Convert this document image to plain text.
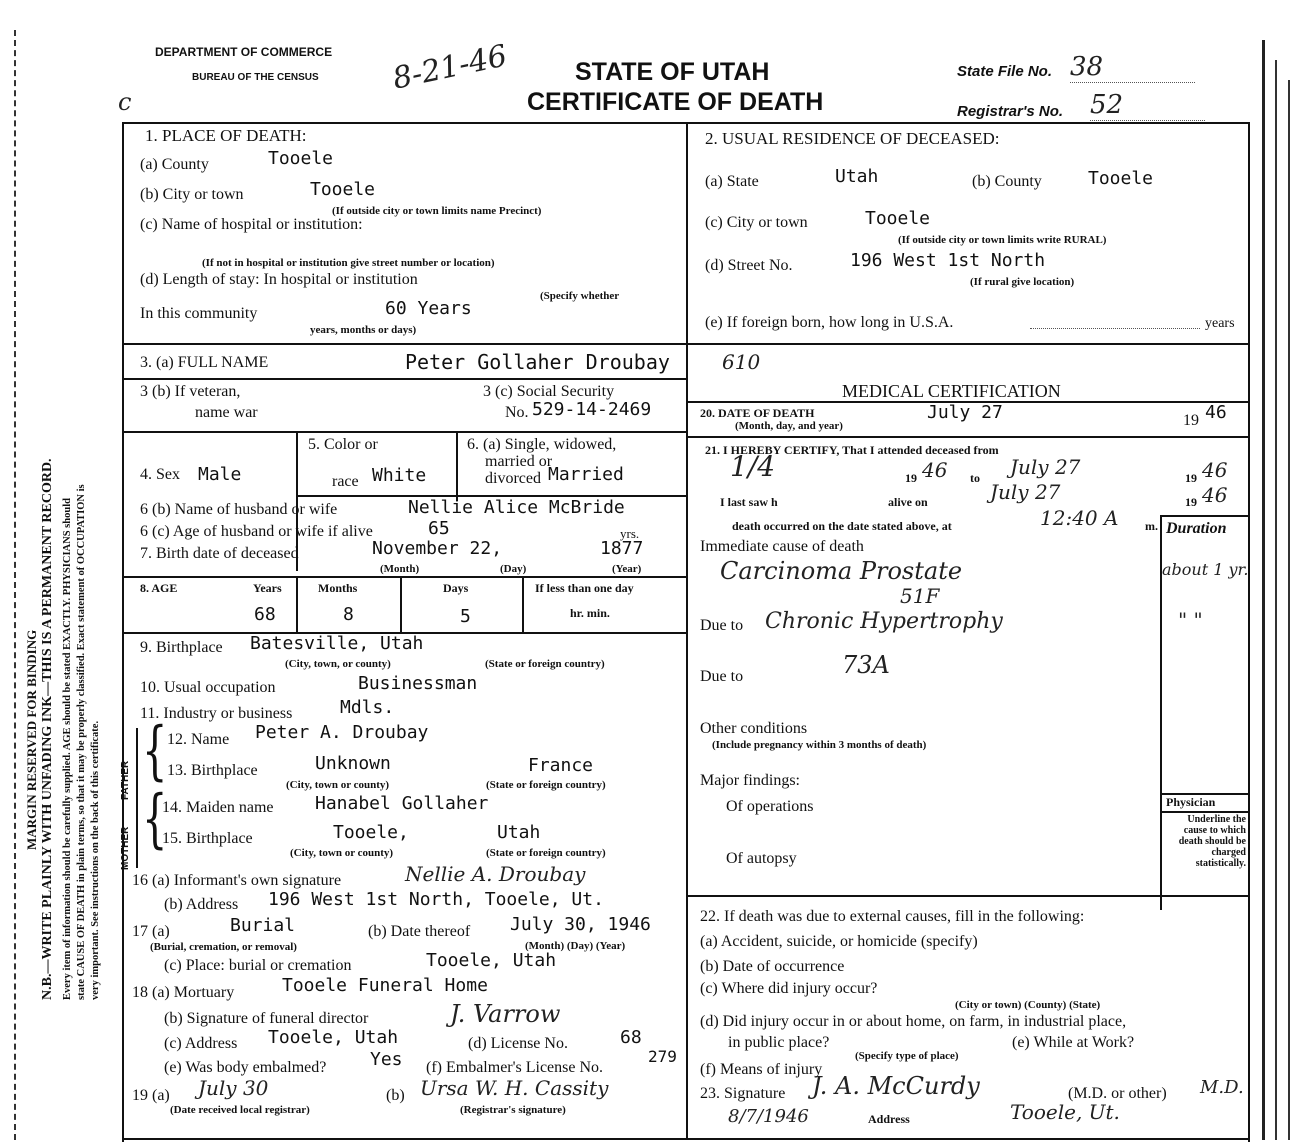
N.B.—WRITE PLAINLY WITH UNFADING INK—THIS IS A PERMANENT RECORD.
MARGIN RESERVED FOR BINDING Every item of information should be carefully supplied. AGE should be stated EXACTLY. PHYSICIANS should state CAUSE OF DEATH in plain terms, so that it may be properly classified. Exact statement of OCCUPATION is very important. See instructions on the back of this certificate.
DEPARTMENT OF COMMERCE
BUREAU OF THE CENSUS 8-21-46
c
STATE OF UTAH
CERTIFICATE OF DEATH
State File No. 38
Registrar's No. 52
1. PLACE OF DEATH:
(a) County	Tooele
(b) City or town	Tooele
(If outside city or town limits name Precinct)
(c) Name of hospital or institution:
(If not in hospital or institution give street number or location)
(d) Length of stay: In hospital or institution
(Specify whether
In this community	60 Years
years, months or days)
2. USUAL RESIDENCE OF DECEASED:
(a) State	Utah	(b) County	Tooele
(c) City or town	Tooele
(If outside city or town limits write RURAL)
(d) Street No.	196 West 1st North
(If rural give location)
(e) If foreign born, how long in U.S.A.	years
3. (a) FULL NAME	Peter Gollaher Droubay	610
3 (b) If veteran,
name war
3 (c) Social Security
No. 529-14-2469
4. Sex Male
5. Color or
race White
6. (a) Single, widowed,
married or
divorced Married
6 (b) Name of husband or wife	Nellie Alice McBride
6 (c) Age of husband or wife if alive	65	yrs.
7. Birth date of deceased	November 22,	1877
(Month)	(Day)	(Year)
8. AGE	Years	Months	Days	If less than one day
hr. min.
68	8	5
9. Birthplace Batesville, Utah
(City, town, or county)	(State or foreign country)
10. Usual occupation	Businessman
11. Industry or business	Mdls.
FATHER
MOTHER
{
{
12. Name Peter A. Droubay
13. Birthplace	Unknown	France
(City, town or county)	(State or foreign country)
14. Maiden name Hanabel Gollaher
15. Birthplace	Tooele,	Utah
(City, town or county)	(State or foreign country)
16 (a) Informant's own signature	Nellie A. Droubay
(b) Address 196 West 1st North, Tooele, Ut.
17 (a)	Burial
(Burial, cremation, or removal)
(b) Date thereof July 30, 1946
(Month) (Day) (Year)
(c) Place: burial or cremation	Tooele, Utah
18 (a) Mortuary	Tooele Funeral Home
(b) Signature of funeral director	J. Varrow
(c) Address Tooele, Utah	(d) License No.	68
(e) Was body embalmed? Yes (f) Embalmer's License No.
279
19 (a) July 30
(Date received local registrar)
(b) Ursa W. H. Cassity
(Registrar's signature)
MEDICAL CERTIFICATION
20. DATE OF DEATH
(Month, day, and year)
July 27	19 46
21. I HEREBY CERTIFY, That I attended deceased from
1/4	19 46 to July 27	19 46
I last saw h	alive on	July 27	19 46
death occurred on the date stated above, at	12:40 A m. Duration
Immediate cause of death
Carcinoma Prostate	about 1 yr.
51F
Due to Chronic Hypertrophy	" "
73A
Due to
Other conditions
(Include pregnancy within 3 months of death)
Major findings:
Of operations
Of autopsy
Physician
Underline the cause to which death should be charged statistically.
22. If death was due to external causes, fill in the following:
(a) Accident, suicide, or homicide (specify)
(b) Date of occurrence
(c) Where did injury occur?
(City or town) (County) (State)
(d) Did injury occur in or about home, on farm, in industrial place,
in public place?
(Specify type of place)
(e) While at Work?
(f) Means of injury
23. Signature J. A. McCurdy	(M.D. or other) M.D.
8/7/1946	Address	Tooele, Ut.
